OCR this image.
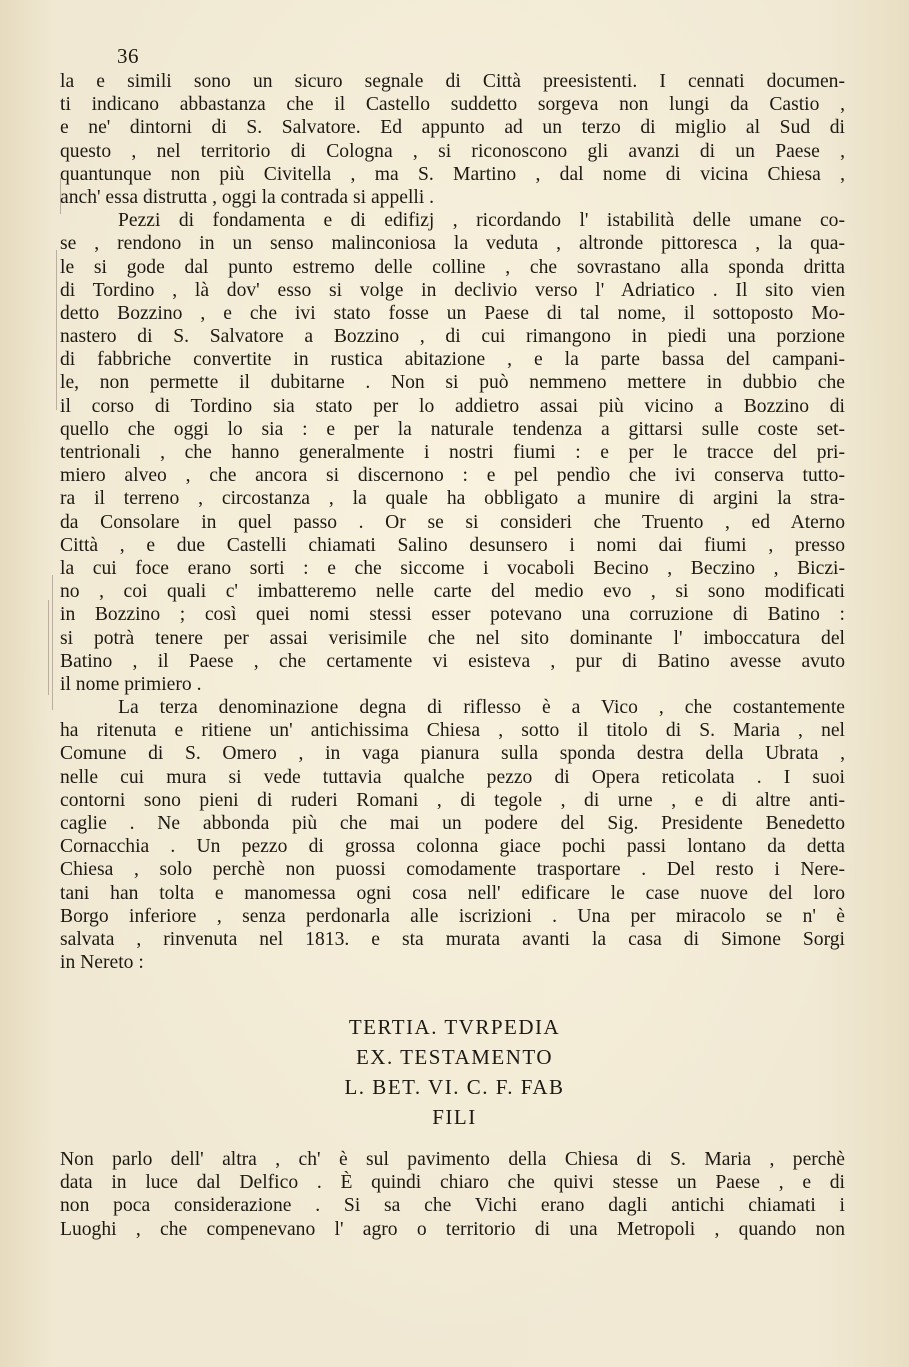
36
la e simili sono un sicuro segnale di Città preesistenti. I cennati documen-
ti indicano abbastanza che il Castello suddetto sorgeva non lungi da Castio ,
e ne' dintorni di S. Salvatore. Ed appunto ad un terzo di miglio al Sud di
questo , nel territorio di Cologna , si riconoscono gli avanzi di un Paese ,
quantunque non più Civitella , ma S. Martino , dal nome di vicina Chiesa ,
anch' essa distrutta , oggi la contrada si appelli .
Pezzi di fondamenta e di edifizj , ricordando l' istabilità delle umane co-
se , rendono in un senso malinconiosa la veduta , altronde pittoresca , la qua-
le si gode dal punto estremo delle colline , che sovrastano alla sponda dritta
di Tordino , là dov' esso si volge in declivio verso l' Adriatico . Il sito vien
detto Bozzino , e che ivi stato fosse un Paese di tal nome, il sottoposto Mo-
nastero di S. Salvatore a Bozzino , di cui rimangono in piedi una porzione
di fabbriche convertite in rustica abitazione , e la parte bassa del campani-
le, non permette il dubitarne . Non si può nemmeno mettere in dubbio che
il corso di Tordino sia stato per lo addietro assai più vicino a Bozzino di
quello che oggi lo sia : e per la naturale tendenza a gittarsi sulle coste set-
tentrionali , che hanno generalmente i nostri fiumi : e per le tracce del pri-
miero alveo , che ancora si discernono : e pel pendìo che ivi conserva tutto-
ra il terreno , circostanza , la quale ha obbligato a munire di argini la stra-
da Consolare in quel passo . Or se si consideri che Truento , ed Aterno
Città , e due Castelli chiamati Salino desunsero i nomi dai fiumi , presso
la cui foce erano sorti : e che siccome i vocaboli Becino , Beczino , Biczi-
no , coi quali c' imbatteremo nelle carte del medio evo , si sono modificati
in Bozzino ; così quei nomi stessi esser potevano una corruzione di Batino :
si potrà tenere per assai verisimile che nel sito dominante l' imboccatura del
Batino , il Paese , che certamente vi esisteva , pur di Batino avesse avuto
il nome primiero .
La terza denominazione degna di riflesso è a Vico , che costantemente
ha ritenuta e ritiene un' antichissima Chiesa , sotto il titolo di S. Maria , nel
Comune di S. Omero , in vaga pianura sulla sponda destra della Ubrata ,
nelle cui mura si vede tuttavia qualche pezzo di Opera reticolata . I suoi
contorni sono pieni di ruderi Romani , di tegole , di urne , e di altre anti-
caglie . Ne abbonda più che mai un podere del Sig. Presidente Benedetto
Cornacchia . Un pezzo di grossa colonna giace pochi passi lontano da detta
Chiesa , solo perchè non puossi comodamente trasportare . Del resto i Nere-
tani han tolta e manomessa ogni cosa nell' edificare le case nuove del loro
Borgo inferiore , senza perdonarla alle iscrizioni . Una per miracolo se n' è
salvata , rinvenuta nel 1813. e sta murata avanti la casa di Simone Sorgi
in Nereto :
TERTIA. TVRPEDIA
EX. TESTAMENTO
L. BET. VI. C. F. FAB
FILI
Non parlo dell' altra , ch' è sul pavimento della Chiesa di S. Maria , perchè
data in luce dal Delfico . È quindi chiaro che quivi stesse un Paese , e di
non poca considerazione . Si sa che Vichi erano dagli antichi chiamati i
Luoghi , che compenevano l' agro o territorio di una Metropoli , quando non
